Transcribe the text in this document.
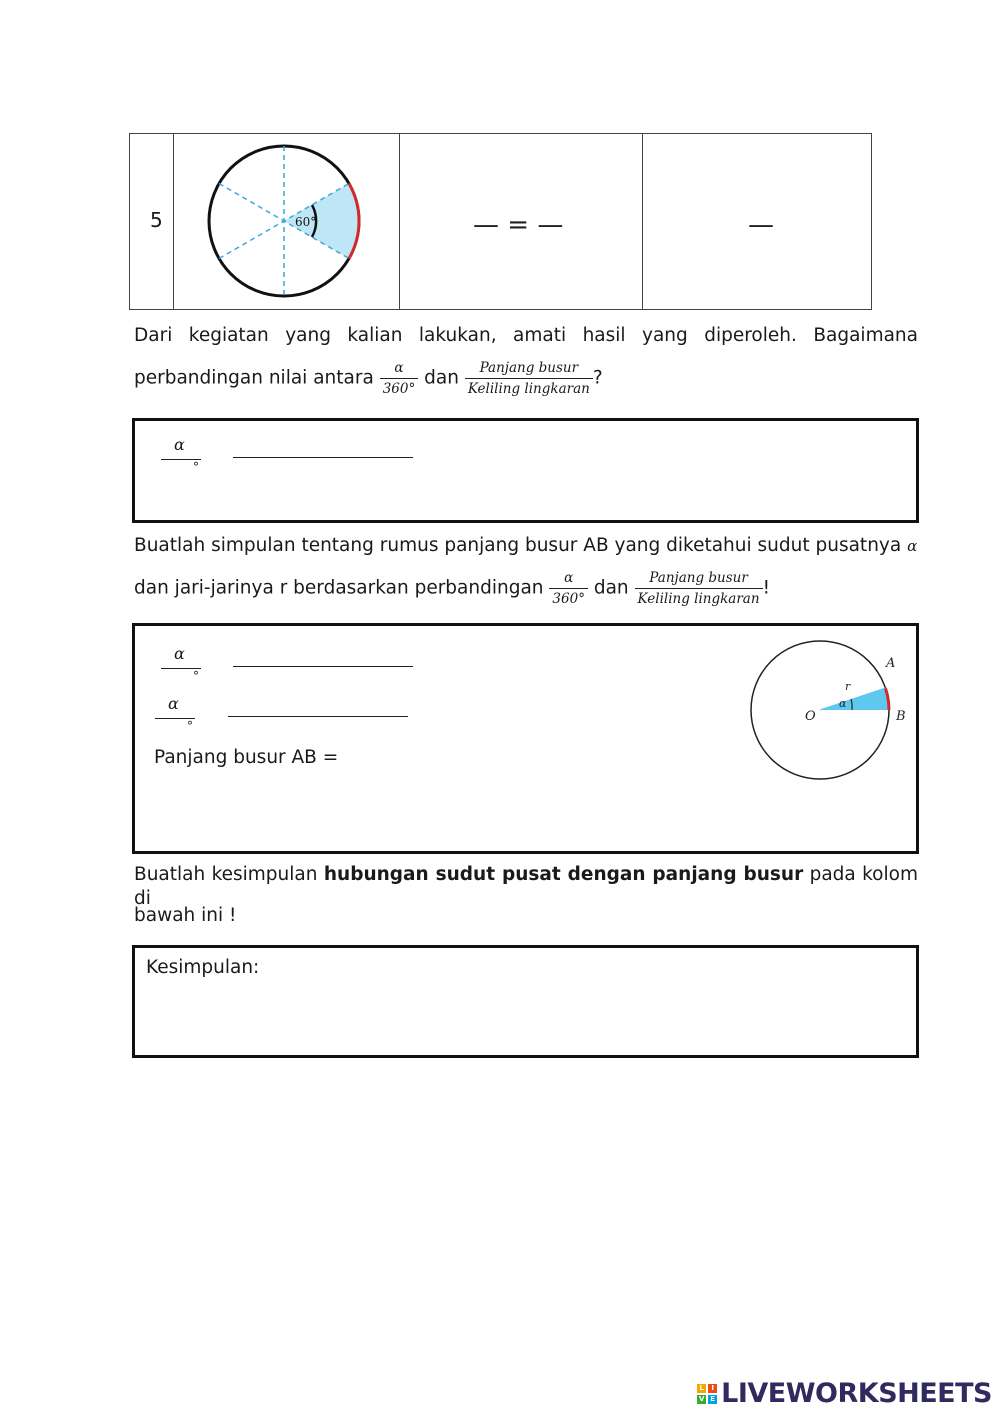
5	60°	— = —	—
Dari kegiatan yang kalian lakukan, amati hasil yang diperoleh. Bagaimana
perbandingan nilai antara $\frac{\alpha}{360^\circ}$ dan $\frac{\text{Panjang busur}}{\text{Keliling lingkaran}}$ ?
α
°
Buatlah simpulan tentang rumus panjang busur AB yang diketahui sudut pusatnya α
dan jari-jarinya r berdasarkan perbandingan $\frac{\alpha}{360^\circ}$ dan $\frac{\text{Panjang busur}}{\text{Keliling lingkaran}}$ !
α
°
α
°
Panjang busur AB =
A
B
O
r
α
Buatlah kesimpulan hubungan sudut pusat dengan panjang busur pada kolom di
bawah ini !
Kesimpulan:
L	I
V E LIVEWORKSHEETS
